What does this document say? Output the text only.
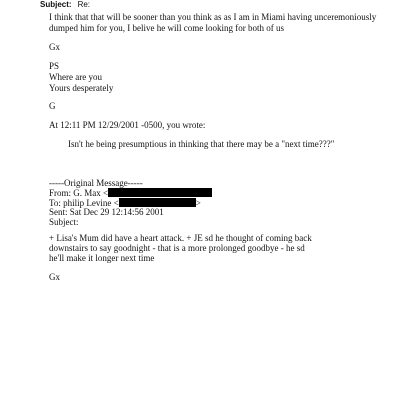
Subject: Re:
I think that that will be sooner than you think as as I am in Miami having unceremoniously
dumped him for you, I belive he will come looking for both of us
Gx
PS
Where are you
Yours desperately
G
At 12:11 PM 12/29/2001 -0500, you wrote:
Isn't he being presumptious in thinking that there may be a "next time???"
-----Original Message-----
From: G. Max <
To: philip Levine <	>
Sent: Sat Dec 29 12:14:56 2001
Subject:
+ Lisa's Mum did have a heart attack. + JE sd he thought of coming back
downstairs to say goodnight - that is a more prolonged goodbye - he sd
he'll make it longer next time
Gx
